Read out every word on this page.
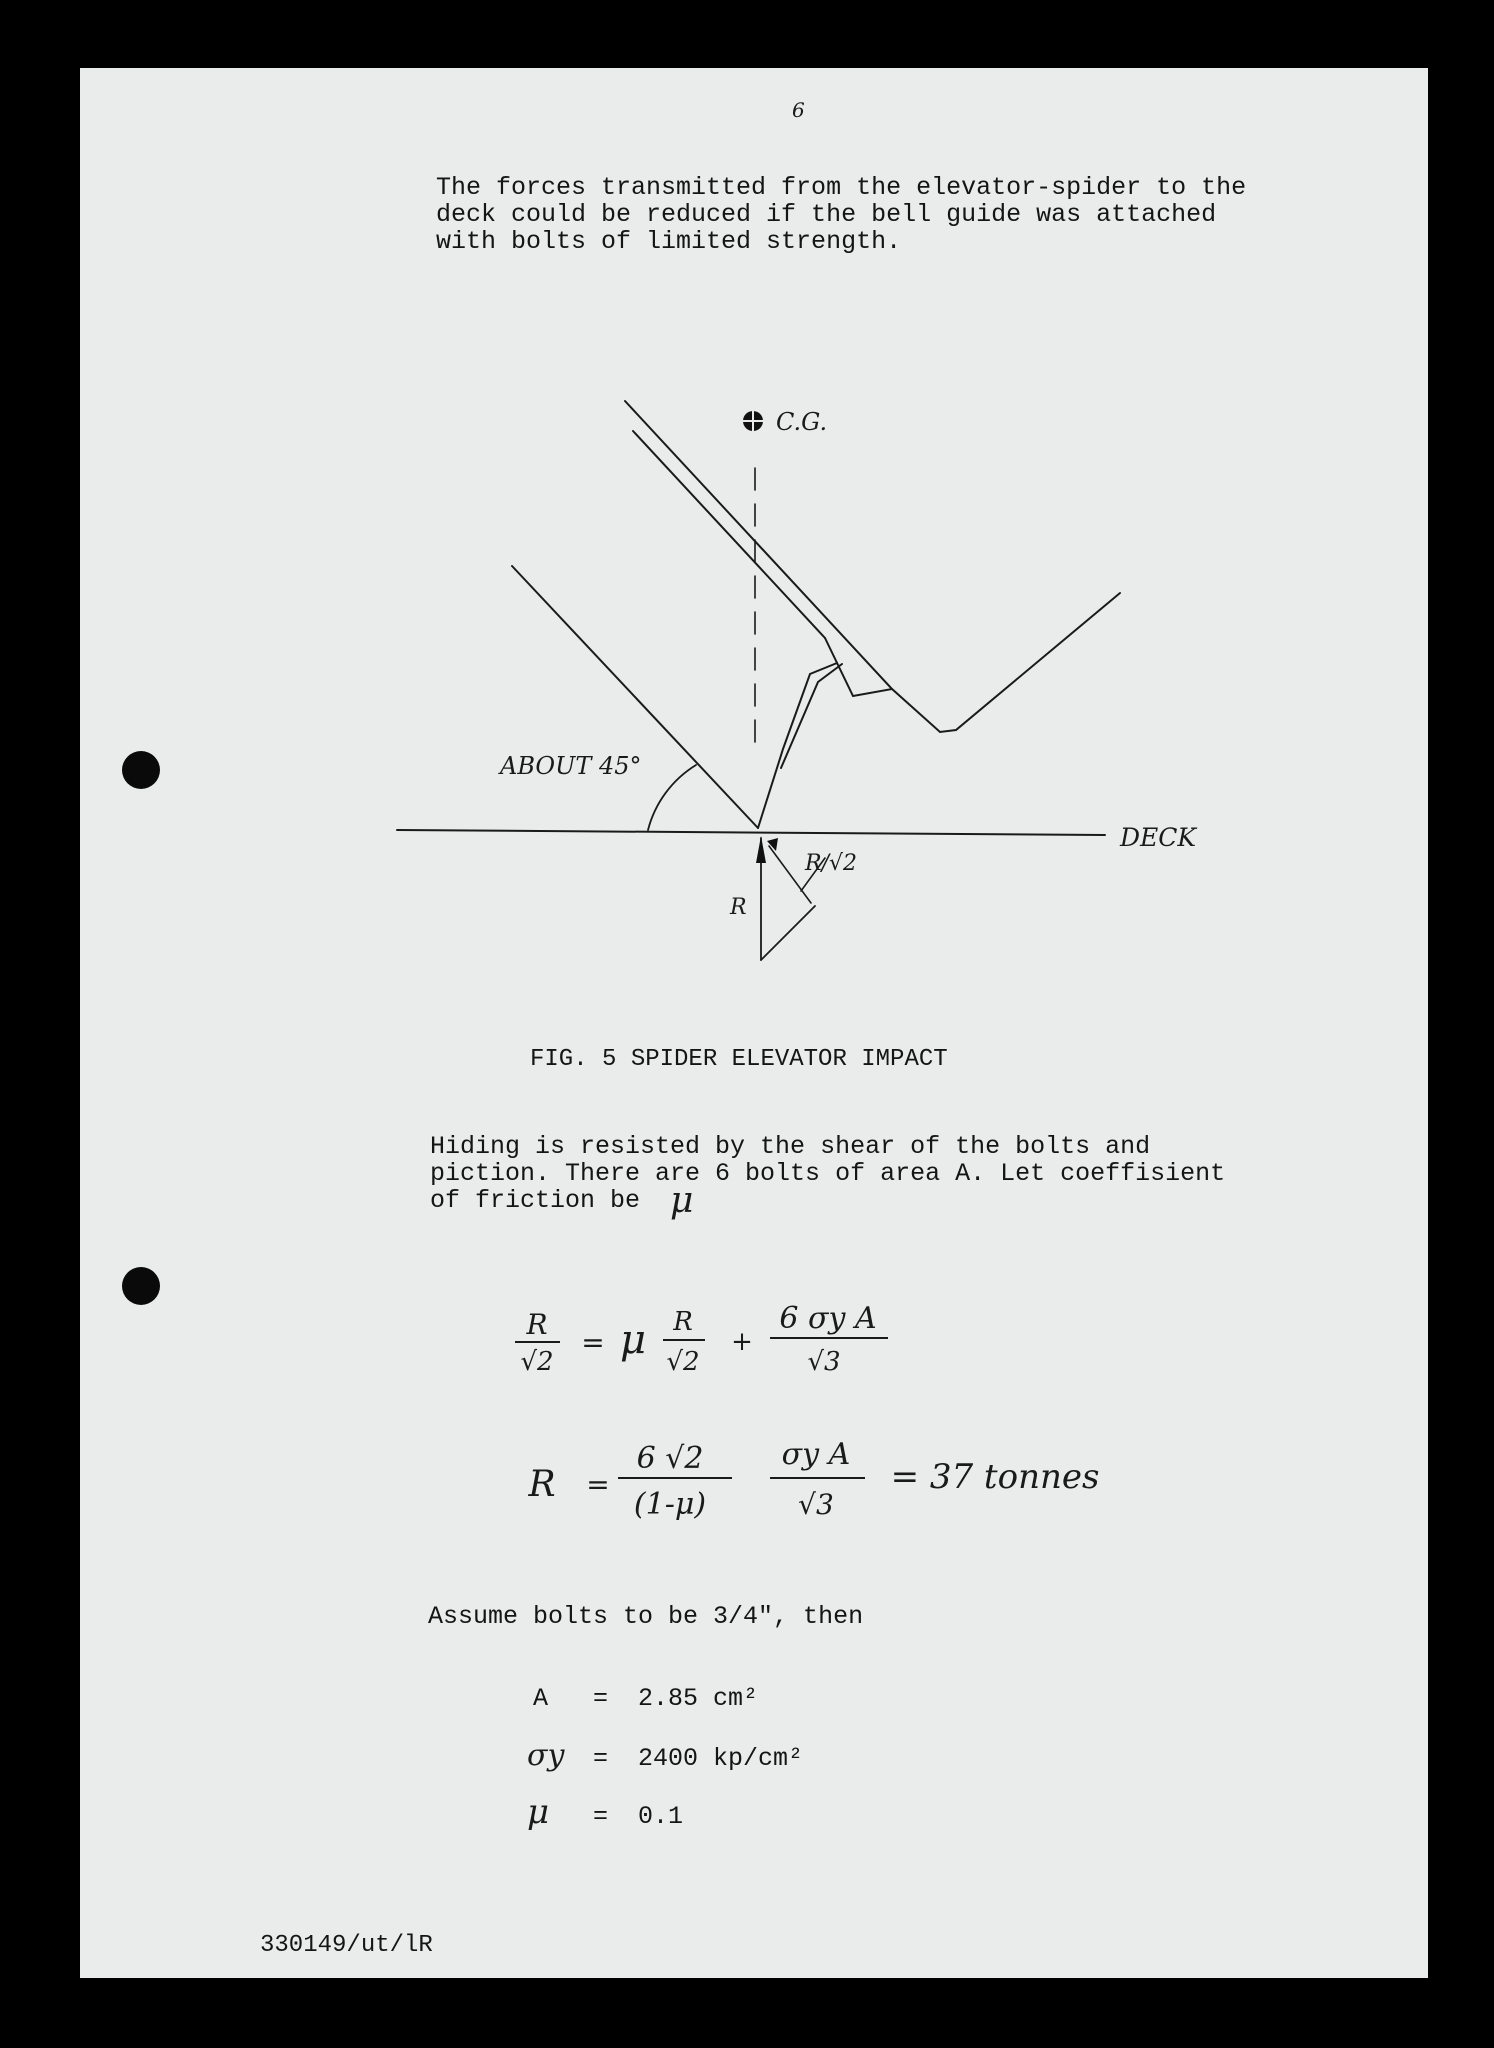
6
The forces transmitted from the elevator-spider to the
deck could be reduced if the bell guide was attached
with bolts of limited strength.
C.G.
ABOUT 45°
DECK
R/√2
R
FIG. 5 SPIDER ELEVATOR IMPACT
Hiding is resisted by the shear of the bolts and
piction. There are 6 bolts of area A. Let coeffisient
of friction be μ
R
√2
= μ R
√2
+
6 σy A
√3
R =
6 √2
(1-μ)
σy A
√3
= 37 tonnes
Assume bolts to be 3/4", then

A =  2.85 cm²

σy =  2400 kp/cm²

μ =  0.1

330149/ut/lR
